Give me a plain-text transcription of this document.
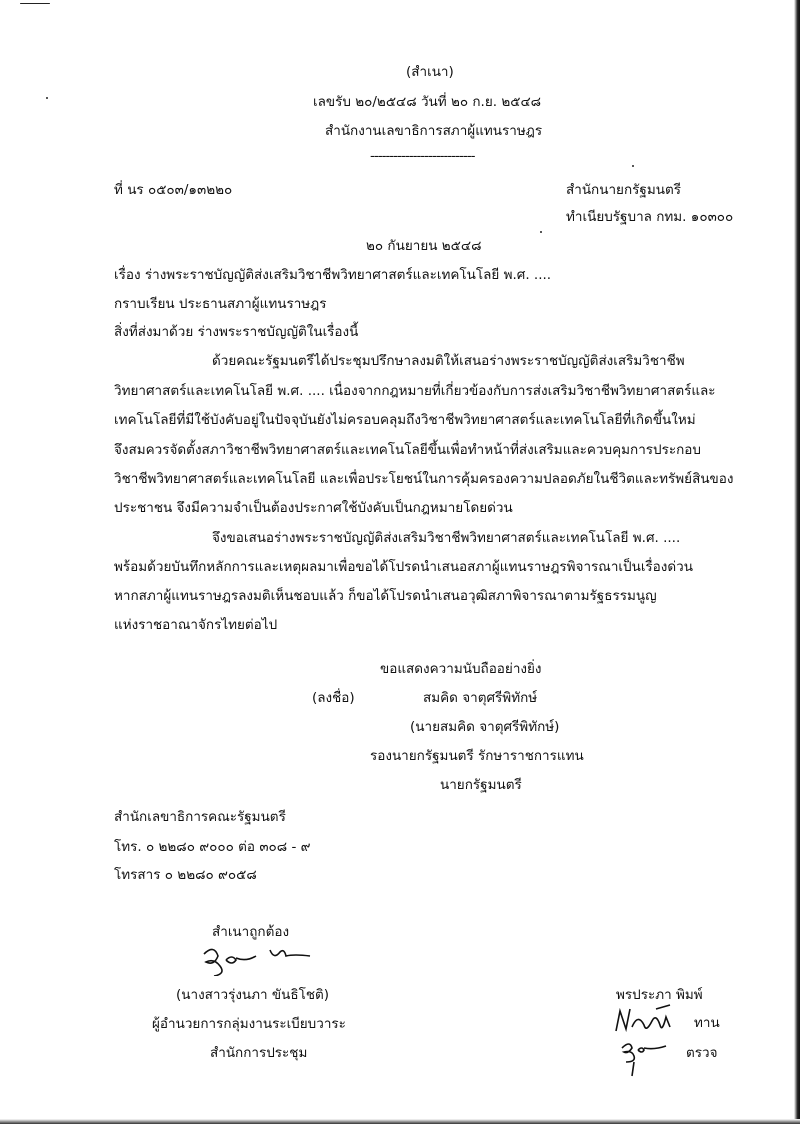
(สำเนา)
เลขรับ ๒๐/๒๕๔๘ วันที่ ๒๐ ก.ย. ๒๕๔๘
สำนักงานเลขาธิการสภาผู้แทนราษฎร
---------------------------
ที่ นร ๐๕๐๓/๑๓๒๒๐	สำนักนายกรัฐมนตรี
ทำเนียบรัฐบาล กทม. ๑๐๓๐๐
๒๐ กันยายน ๒๕๔๘
เรื่อง ร่างพระราชบัญญัติส่งเสริมวิชาชีพวิทยาศาสตร์และเทคโนโลยี พ.ศ. ....
กราบเรียน ประธานสภาผู้แทนราษฎร
สิ่งที่ส่งมาด้วย ร่างพระราชบัญญัติในเรื่องนี้
ด้วยคณะรัฐมนตรีได้ประชุมปรึกษาลงมติให้เสนอร่างพระราชบัญญัติส่งเสริมวิชาชีพ
วิทยาศาสตร์และเทคโนโลยี พ.ศ. .... เนื่องจากกฎหมายที่เกี่ยวข้องกับการส่งเสริมวิชาชีพวิทยาศาสตร์และ
เทคโนโลยีที่มีใช้บังคับอยู่ในปัจจุบันยังไม่ครอบคลุมถึงวิชาชีพวิทยาศาสตร์และเทคโนโลยีที่เกิดขึ้นใหม่
จึงสมควรจัดตั้งสภาวิชาชีพวิทยาศาสตร์และเทคโนโลยีขึ้นเพื่อทำหน้าที่ส่งเสริมและควบคุมการประกอบ
วิชาชีพวิทยาศาสตร์และเทคโนโลยี และเพื่อประโยชน์ในการคุ้มครองความปลอดภัยในชีวิตและทรัพย์สินของ
ประชาชน จึงมีความจำเป็นต้องประกาศใช้บังคับเป็นกฎหมายโดยด่วน
จึงขอเสนอร่างพระราชบัญญัติส่งเสริมวิชาชีพวิทยาศาสตร์และเทคโนโลยี พ.ศ. ....
พร้อมด้วยบันทึกหลักการและเหตุผลมาเพื่อขอได้โปรดนำเสนอสภาผู้แทนราษฎรพิจารณาเป็นเรื่องด่วน
หากสภาผู้แทนราษฎรลงมติเห็นชอบแล้ว ก็ขอได้โปรดนำเสนอวุฒิสภาพิจารณาตามรัฐธรรมนูญ
แห่งราชอาณาจักรไทยต่อไป
ขอแสดงความนับถืออย่างยิ่ง
(ลงชื่อ)	สมคิด จาตุศรีพิทักษ์
(นายสมคิด จาตุศรีพิทักษ์)
รองนายกรัฐมนตรี รักษาราชการแทน
นายกรัฐมนตรี
สำนักเลขาธิการคณะรัฐมนตรี
โทร. ๐ ๒๒๘๐ ๙๐๐๐ ต่อ ๓๐๘ - ๙
โทรสาร ๐ ๒๒๘๐ ๙๐๕๘
สำเนาถูกต้อง
(นางสาวรุ่งนภา ขันธิโชติ)
ผู้อำนวยการกลุ่มงานระเบียบวาระ
สำนักการประชุม
พรประภา พิมพ์
ทาน
ตรวจ
